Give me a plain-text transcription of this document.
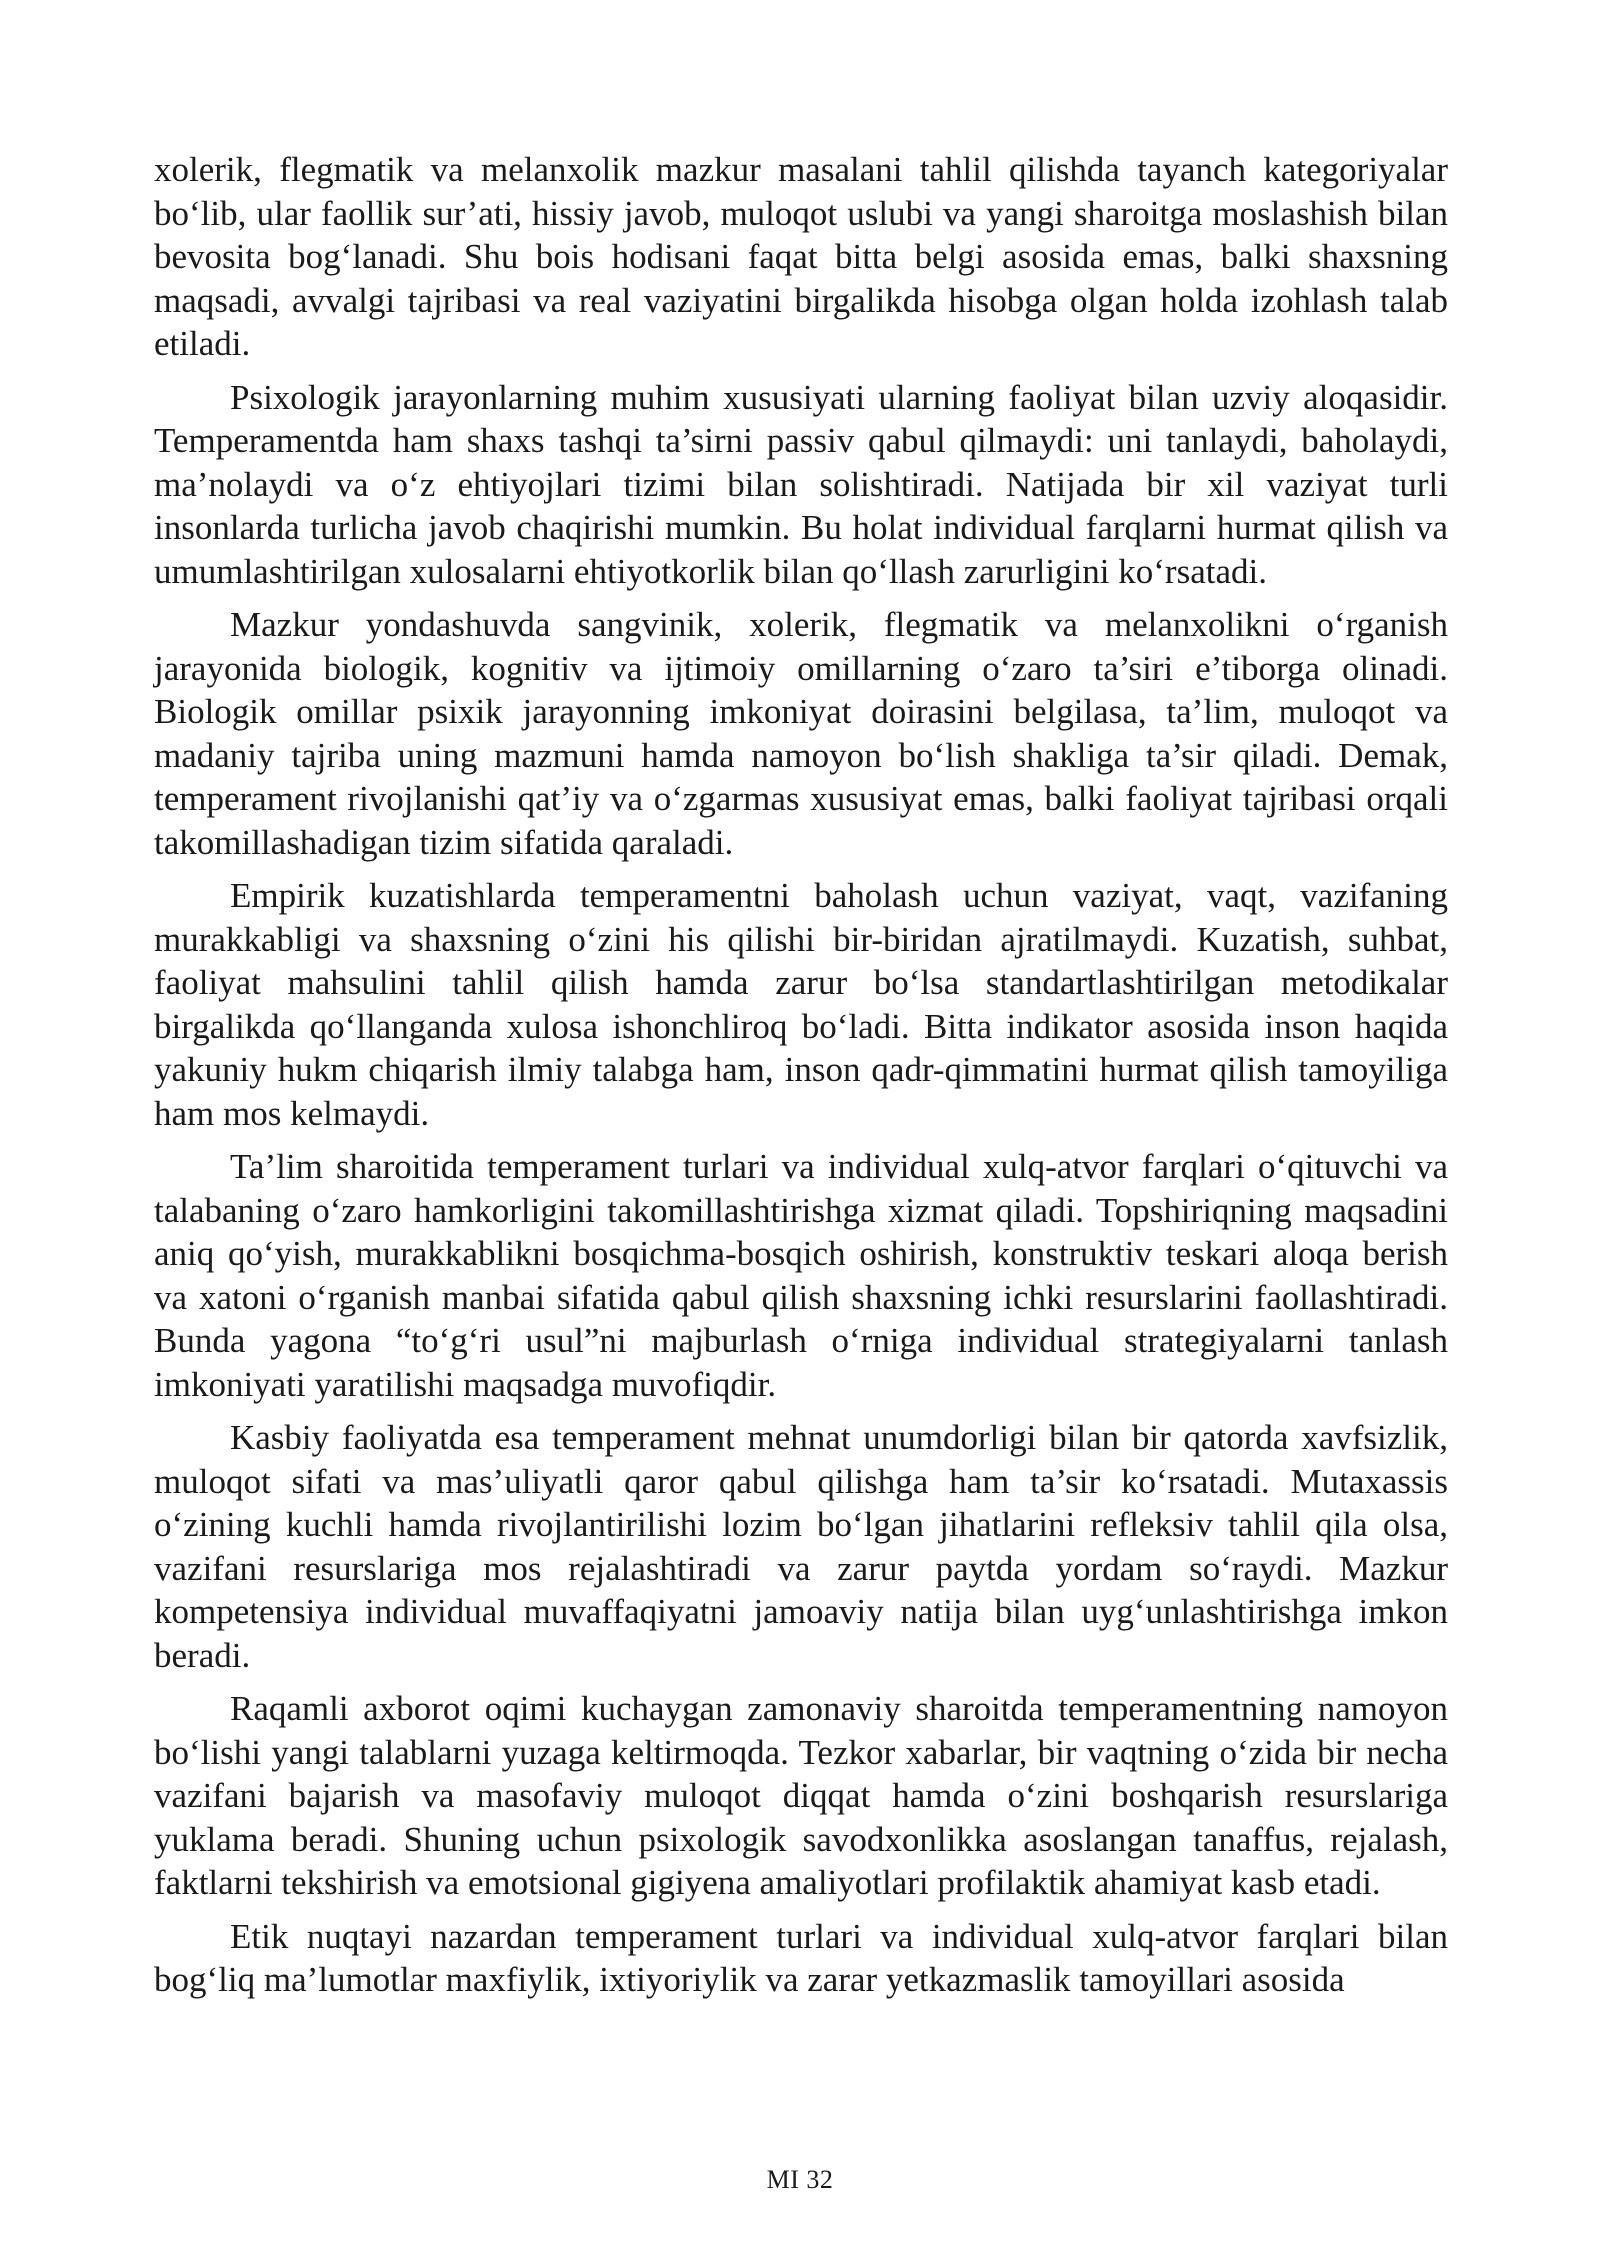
xolerik, flegmatik va melanxolik mazkur masalani tahlil qilishda tayanch kategoriyalar bo‘lib, ular faollik sur’ati, hissiy javob, muloqot uslubi va yangi sharoitga moslashish bilan bevosita bog‘lanadi. Shu bois hodisani faqat bitta belgi asosida emas, balki shaxsning maqsadi, avvalgi tajribasi va real vaziyatini birgalikda hisobga olgan holda izohlash talab etiladi.

Psixologik jarayonlarning muhim xususiyati ularning faoliyat bilan uzviy aloqasidir. Temperamentda ham shaxs tashqi ta’sirni passiv qabul qilmaydi: uni tanlaydi, baholaydi, ma’nolaydi va o‘z ehtiyojlari tizimi bilan solishtiradi. Natijada bir xil vaziyat turli insonlarda turlicha javob chaqirishi mumkin. Bu holat individual farqlarni hurmat qilish va umumlashtirilgan xulosalarni ehtiyotkorlik bilan qo‘llash zarurligini ko‘rsatadi.

Mazkur yondashuvda sangvinik, xolerik, flegmatik va melanxolikni o‘rganish jarayonida biologik, kognitiv va ijtimoiy omillarning o‘zaro ta’siri e’tiborga olinadi. Biologik omillar psixik jarayonning imkoniyat doirasini belgilasa, ta’lim, muloqot va madaniy tajriba uning mazmuni hamda namoyon bo‘lish shakliga ta’sir qiladi. Demak, temperament rivojlanishi qat’iy va o‘zgarmas xususiyat emas, balki faoliyat tajribasi orqali takomillashadigan tizim sifatida qaraladi.

Empirik kuzatishlarda temperamentni baholash uchun vaziyat, vaqt, vazifaning murakkabligi va shaxsning o‘zini his qilishi bir-biridan ajratilmaydi. Kuzatish, suhbat, faoliyat mahsulini tahlil qilish hamda zarur bo‘lsa standartlashtirilgan metodikalar birgalikda qo‘llanganda xulosa ishonchliroq bo‘ladi. Bitta indikator asosida inson haqida yakuniy hukm chiqarish ilmiy talabga ham, inson qadr-qimmatini hurmat qilish tamoyiliga ham mos kelmaydi.

Ta’lim sharoitida temperament turlari va individual xulq-atvor farqlari o‘qituvchi va talabaning o‘zaro hamkorligini takomillashtirishga xizmat qiladi. Topshiriqning maqsadini aniq qo‘yish, murakkablikni bosqichma-bosqich oshirish, konstruktiv teskari aloqa berish va xatoni o‘rganish manbai sifatida qabul qilish shaxsning ichki resurslarini faollashtiradi. Bunda yagona “to‘g‘ri usul”ni majburlash o‘rniga individual strategiyalarni tanlash imkoniyati yaratilishi maqsadga muvofiqdir.

Kasbiy faoliyatda esa temperament mehnat unumdorligi bilan bir qatorda xavfsizlik, muloqot sifati va mas’uliyatli qaror qabul qilishga ham ta’sir ko‘rsatadi. Mutaxassis o‘zining kuchli hamda rivojlantirilishi lozim bo‘lgan jihatlarini refleksiv tahlil qila olsa, vazifani resurslariga mos rejalashtiradi va zarur paytda yordam so‘raydi. Mazkur kompetensiya individual muvaffaqiyatni jamoaviy natija bilan uyg‘unlashtirishga imkon beradi.

Raqamli axborot oqimi kuchaygan zamonaviy sharoitda temperamentning namoyon bo‘lishi yangi talablarni yuzaga keltirmoqda. Tezkor xabarlar, bir vaqtning o‘zida bir necha vazifani bajarish va masofaviy muloqot diqqat hamda o‘zini boshqarish resurslariga yuklama beradi. Shuning uchun psixologik savodxonlikka asoslangan tanaffus, rejalash, faktlarni tekshirish va emotsional gigiyena amaliyotlari profilaktik ahamiyat kasb etadi.

Etik nuqtayi nazardan temperament turlari va individual xulq-atvor farqlari bilan bog‘liq ma’lumotlar maxfiylik, ixtiyoriylik va zarar yetkazmaslik tamoyillari asosida

MI 32
